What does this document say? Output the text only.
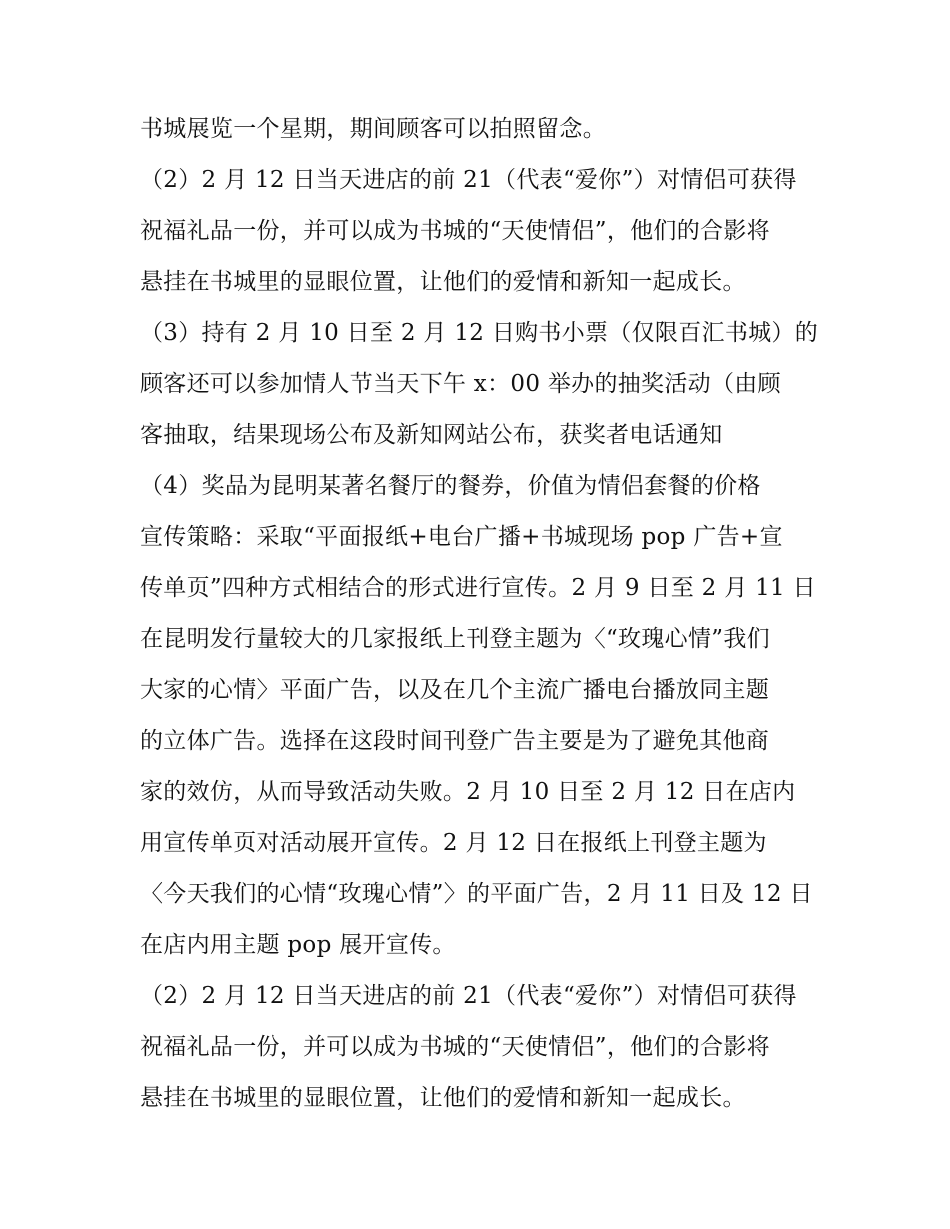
书城展览一个星期，期间顾客可以拍照留念。
（2）2 月 12 日当天进店的前 21（代表“爱你”）对情侣可获得
祝福礼品一份，并可以成为书城的“天使情侣”，他们的合影将
悬挂在书城里的显眼位置，让他们的爱情和新知一起成长。
（3）持有 2 月 10 日至 2 月 12 日购书小票（仅限百汇书城）的
顾客还可以参加情人节当天下午 x：00 举办的抽奖活动（由顾
客抽取，结果现场公布及新知网站公布，获奖者电话通知
（4）奖品为昆明某著名餐厅的餐券，价值为情侣套餐的价格
宣传策略：采取“平面报纸+电台广播+书城现场 pop 广告+宣
传单页”四种方式相结合的形式进行宣传。2 月 9 日至 2 月 11 日
在昆明发行量较大的几家报纸上刊登主题为〈“玫瑰心情”我们
大家的心情〉平面广告，以及在几个主流广播电台播放同主题
的立体广告。选择在这段时间刊登广告主要是为了避免其他商
家的效仿，从而导致活动失败。2 月 10 日至 2 月 12 日在店内
用宣传单页对活动展开宣传。2 月 12 日在报纸上刊登主题为
〈今天我们的心情“玫瑰心情”〉的平面广告，2 月 11 日及 12 日
在店内用主题 pop 展开宣传。
（2）2 月 12 日当天进店的前 21（代表“爱你”）对情侣可获得
祝福礼品一份，并可以成为书城的“天使情侣”，他们的合影将
悬挂在书城里的显眼位置，让他们的爱情和新知一起成长。
